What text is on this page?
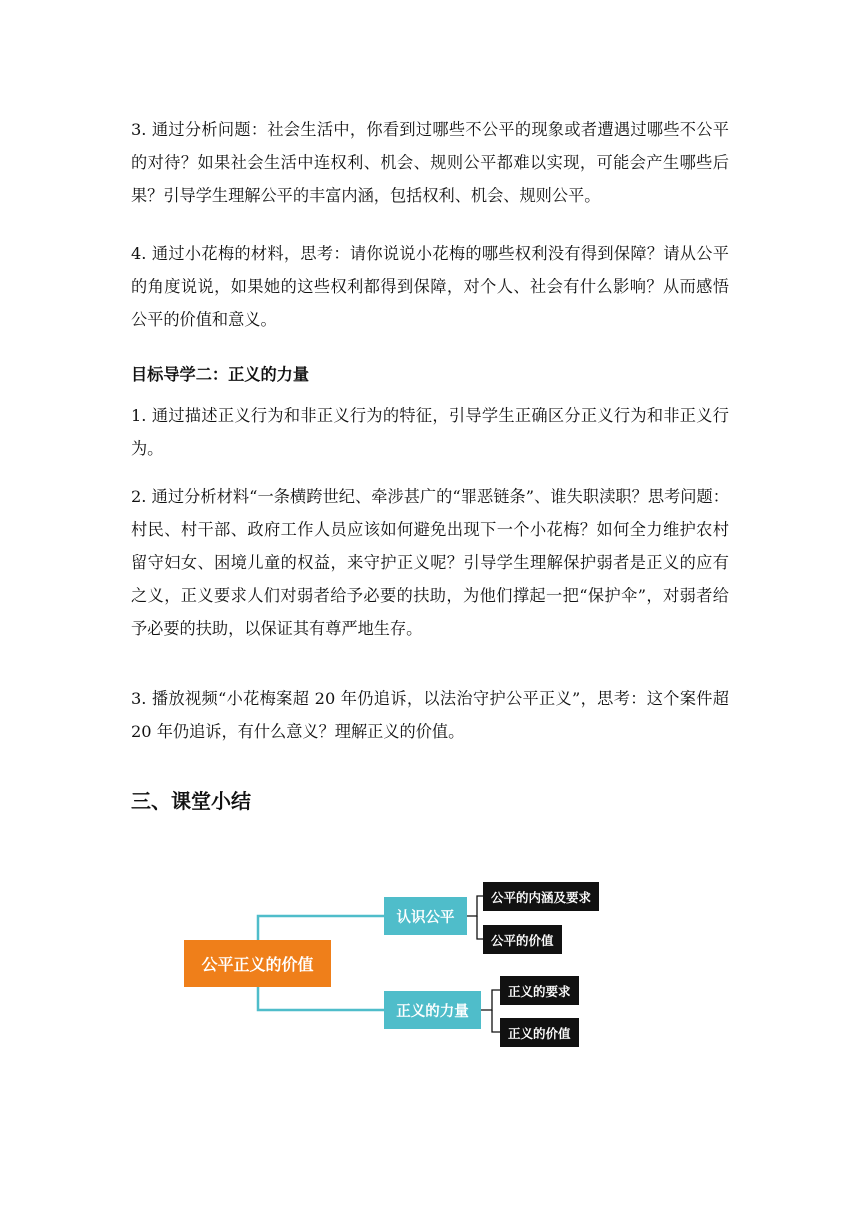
3. 通过分析问题：社会生活中，你看到过哪些不公平的现象或者遭遇过哪些不公平的对待？如果社会生活中连权利、机会、规则公平都难以实现，可能会产生哪些后果？引导学生理解公平的丰富内涵，包括权利、机会、规则公平。

4. 通过小花梅的材料，思考：请你说说小花梅的哪些权利没有得到保障？请从公平的角度说说，如果她的这些权利都得到保障，对个人、社会有什么影响？从而感悟公平的价值和意义。

目标导学二：正义的力量

1. 通过描述正义行为和非正义行为的特征，引导学生正确区分正义行为和非正义行为。

2. 通过分析材料“一条横跨世纪、牵涉甚广的“罪恶链条”、谁失职渎职？思考问题：村民、村干部、政府工作人员应该如何避免出现下一个小花梅？如何全力维护农村留守妇女、困境儿童的权益，来守护正义呢？引导学生理解保护弱者是正义的应有之义，正义要求人们对弱者给予必要的扶助，为他们撑起一把“保护伞”，对弱者给予必要的扶助，以保证其有尊严地生存。

3. 播放视频“小花梅案超 20 年仍追诉，以法治守护公平正义”，思考：这个案件超 20 年仍追诉，有什么意义？理解正义的价值。

三、课堂小结
公平正义的价值
认识公平
正义的力量
公平的内涵及要求
公平的价值
正义的要求
正义的价值
